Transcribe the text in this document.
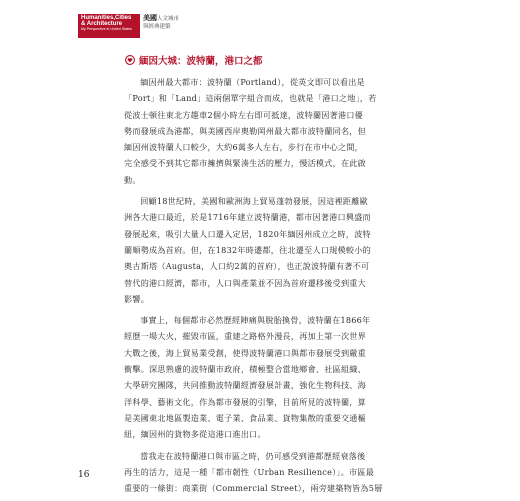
Humanities,Cities
& Architecture
My Perspective in United States
美國人文城市
與經典建築
緬因大城：波特蘭，港口之都

緬因州最大都市：波特蘭（Portland），從英文即可以看出是
「Port」和「Land」這兩個單字組合而成，也就是「港口之地」，若
從波士頓往東北方趨車2個小時左右即可抵達，波特蘭因著港口優
勢而發展成為港都，與美國西岸奧勒岡州最大都市波特蘭同名，但
緬因州波特蘭人口較少，大約6萬多人左右，步行在市中心之間，
完全感受不到其它都市擁擠與緊湊生活的壓力，慢活模式，在此啟
動。

回顧18世紀時，美國和歐洲海上貿易蓬勃發展，因這裡距離歐
洲各大港口最近，於是1716年建立波特蘭港，都市因著港口興盛而
發展起來，吸引大量人口遷入定居，1820年緬因州成立之時，波特
蘭順勢成為首府。但，在1832年時遷都，往北遷至人口規模較小的
奧古斯塔（Augusta，人口約2萬的首府），也正說波特蘭有著不可
替代的港口經濟，都市，人口與產業並不因為首府遷移後受到重大
影響。

事實上，每個都市必然歷經陣痛與脫胎換骨，波特蘭在1866年
經歷一場大火，摧毀市區，重建之路格外漫長，再加上第一次世界
大戰之後，海上貿易業受創，使得波特蘭港口與都市發展受到嚴重
衝擊。深思熟慮的波特蘭市政府，積極整合當地鄉會、社區組織、
大學研究團隊，共同推動波特蘭經濟發展計畫，強化生物科技、海
洋科學、藝術文化，作為都市發展的引擎，目前所見的波特蘭，算
是美國東北地區製造業、電子業、食品業、貨物集散的重要交通樞
紐，緬因州的貨物多從這港口進出口。

當我走在波特蘭港口與市區之時，仍可感受到港都歷經衰落後
再生的活力，這是一種「都市韌性（Urban Resilience）」。市區最
重要的一條街：商業街（Commercial Street），兩旁建築物皆為5層

16
